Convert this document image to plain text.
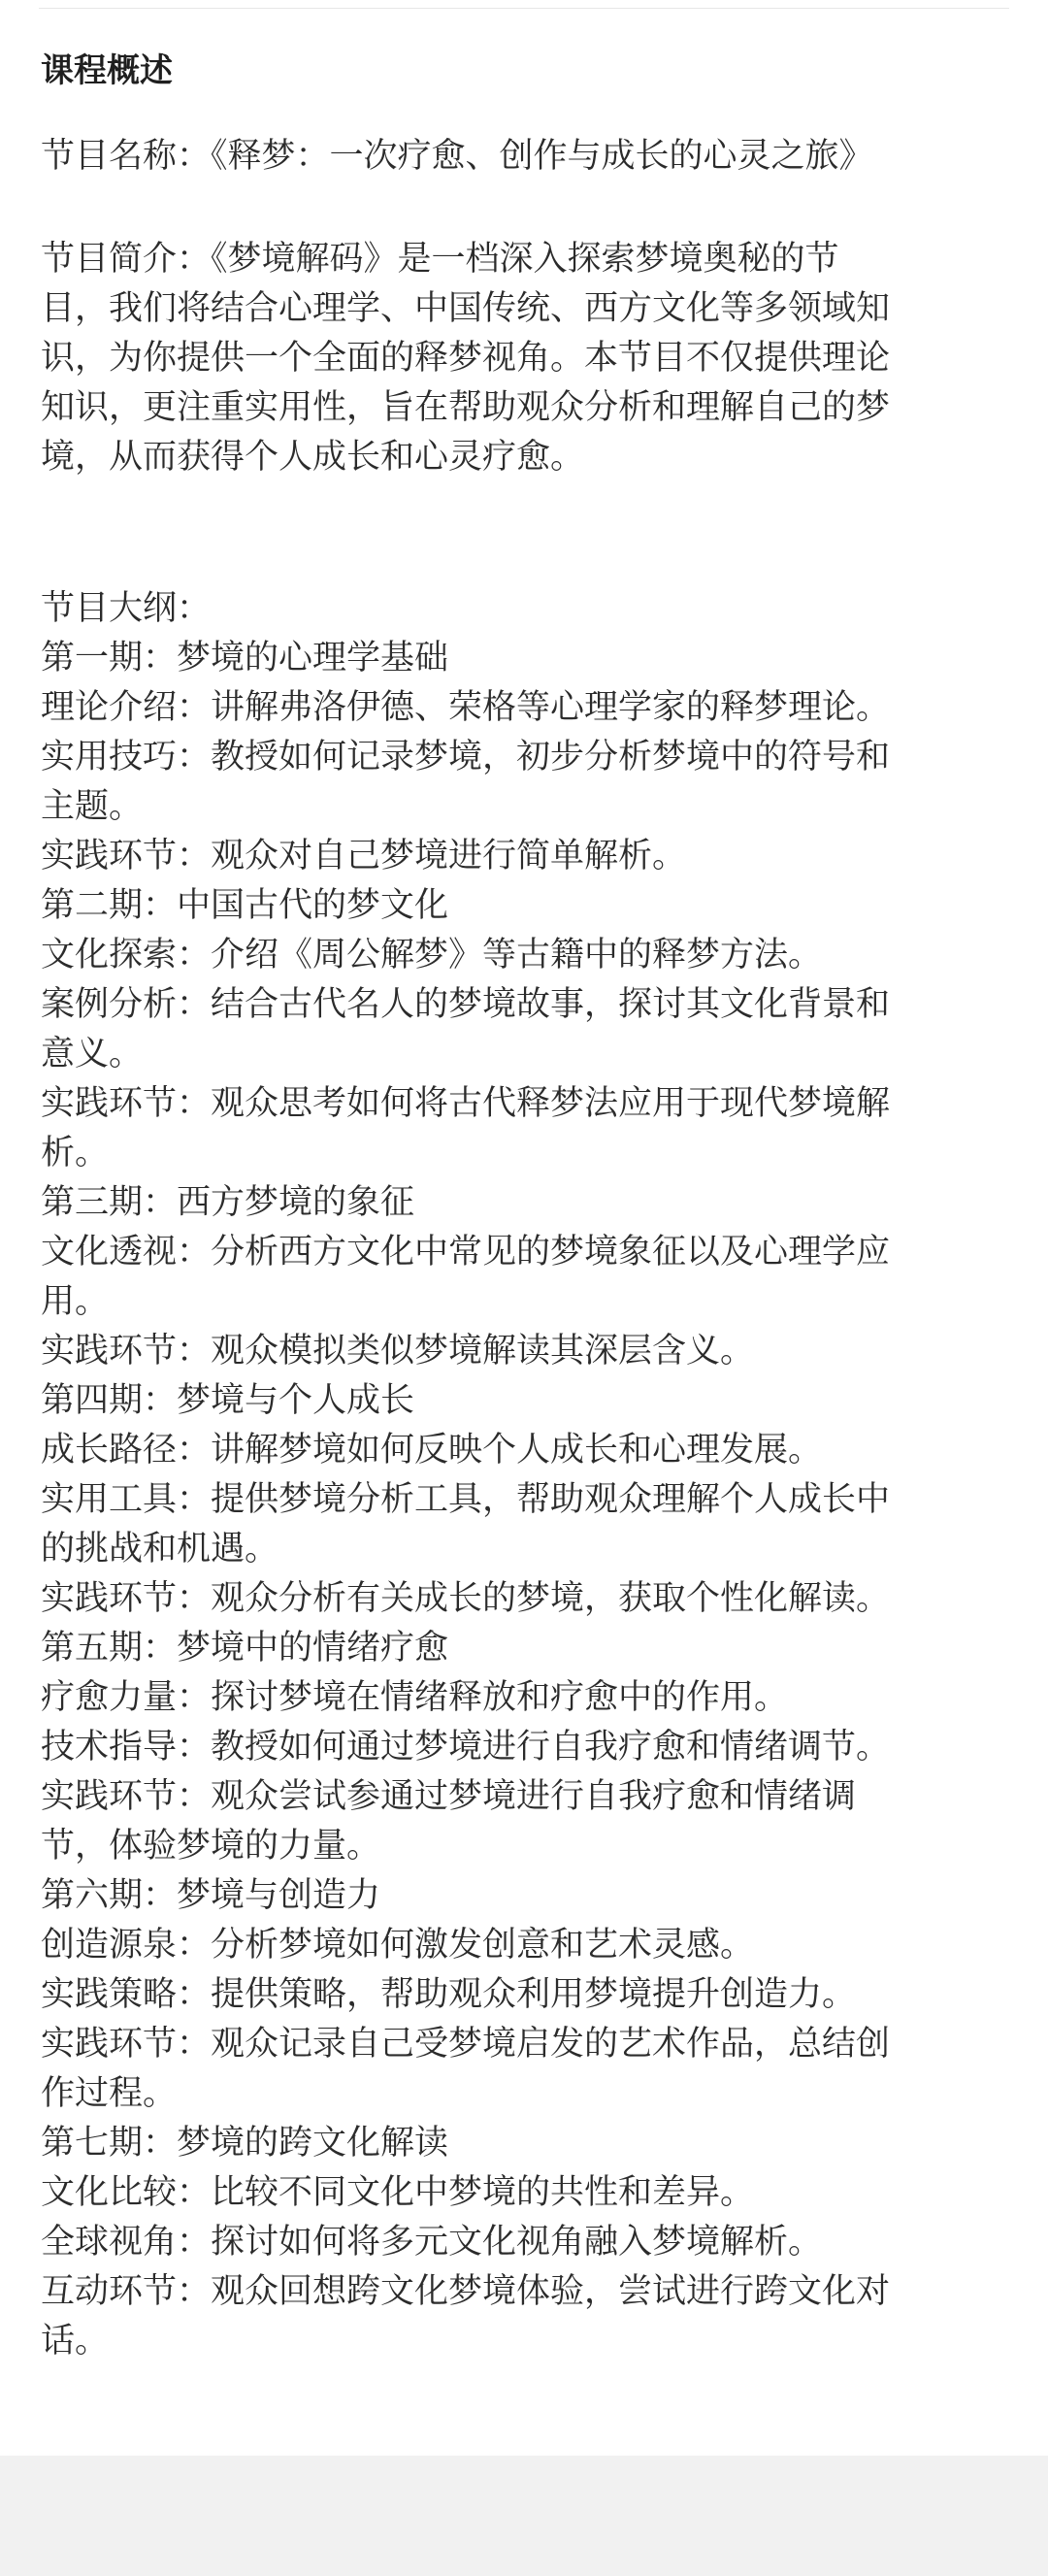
课程概述
节目名称：《释梦：一次疗愈、创作与成长的心灵之旅》
节目简介：《梦境解码》是一档深入探索梦境奥秘的节
目，我们将结合心理学、中国传统、西方文化等多领域知
识，为你提供一个全面的释梦视角。本节目不仅提供理论
知识，更注重实用性，旨在帮助观众分析和理解自己的梦
境，从而获得个人成长和心灵疗愈。
节目大纲：
第一期：梦境的心理学基础
理论介绍：讲解弗洛伊德、荣格等心理学家的释梦理论。
实用技巧：教授如何记录梦境，初步分析梦境中的符号和
主题。
实践环节：观众对自己梦境进行简单解析。
第二期：中国古代的梦文化
文化探索：介绍《周公解梦》等古籍中的释梦方法。
案例分析：结合古代名人的梦境故事，探讨其文化背景和
意义。
实践环节：观众思考如何将古代释梦法应用于现代梦境解
析。
第三期：西方梦境的象征
文化透视：分析西方文化中常见的梦境象征以及心理学应
用。
实践环节：观众模拟类似梦境解读其深层含义。
第四期：梦境与个人成长
成长路径：讲解梦境如何反映个人成长和心理发展。
实用工具：提供梦境分析工具，帮助观众理解个人成长中
的挑战和机遇。
实践环节：观众分析有关成长的梦境，获取个性化解读。
第五期：梦境中的情绪疗愈
疗愈力量：探讨梦境在情绪释放和疗愈中的作用。
技术指导：教授如何通过梦境进行自我疗愈和情绪调节。
实践环节：观众尝试参通过梦境进行自我疗愈和情绪调
节，体验梦境的力量。
第六期：梦境与创造力
创造源泉：分析梦境如何激发创意和艺术灵感。
实践策略：提供策略，帮助观众利用梦境提升创造力。
实践环节：观众记录自己受梦境启发的艺术作品，总结创
作过程。
第七期：梦境的跨文化解读
文化比较：比较不同文化中梦境的共性和差异。
全球视角：探讨如何将多元文化视角融入梦境解析。
互动环节：观众回想跨文化梦境体验，尝试进行跨文化对
话。
